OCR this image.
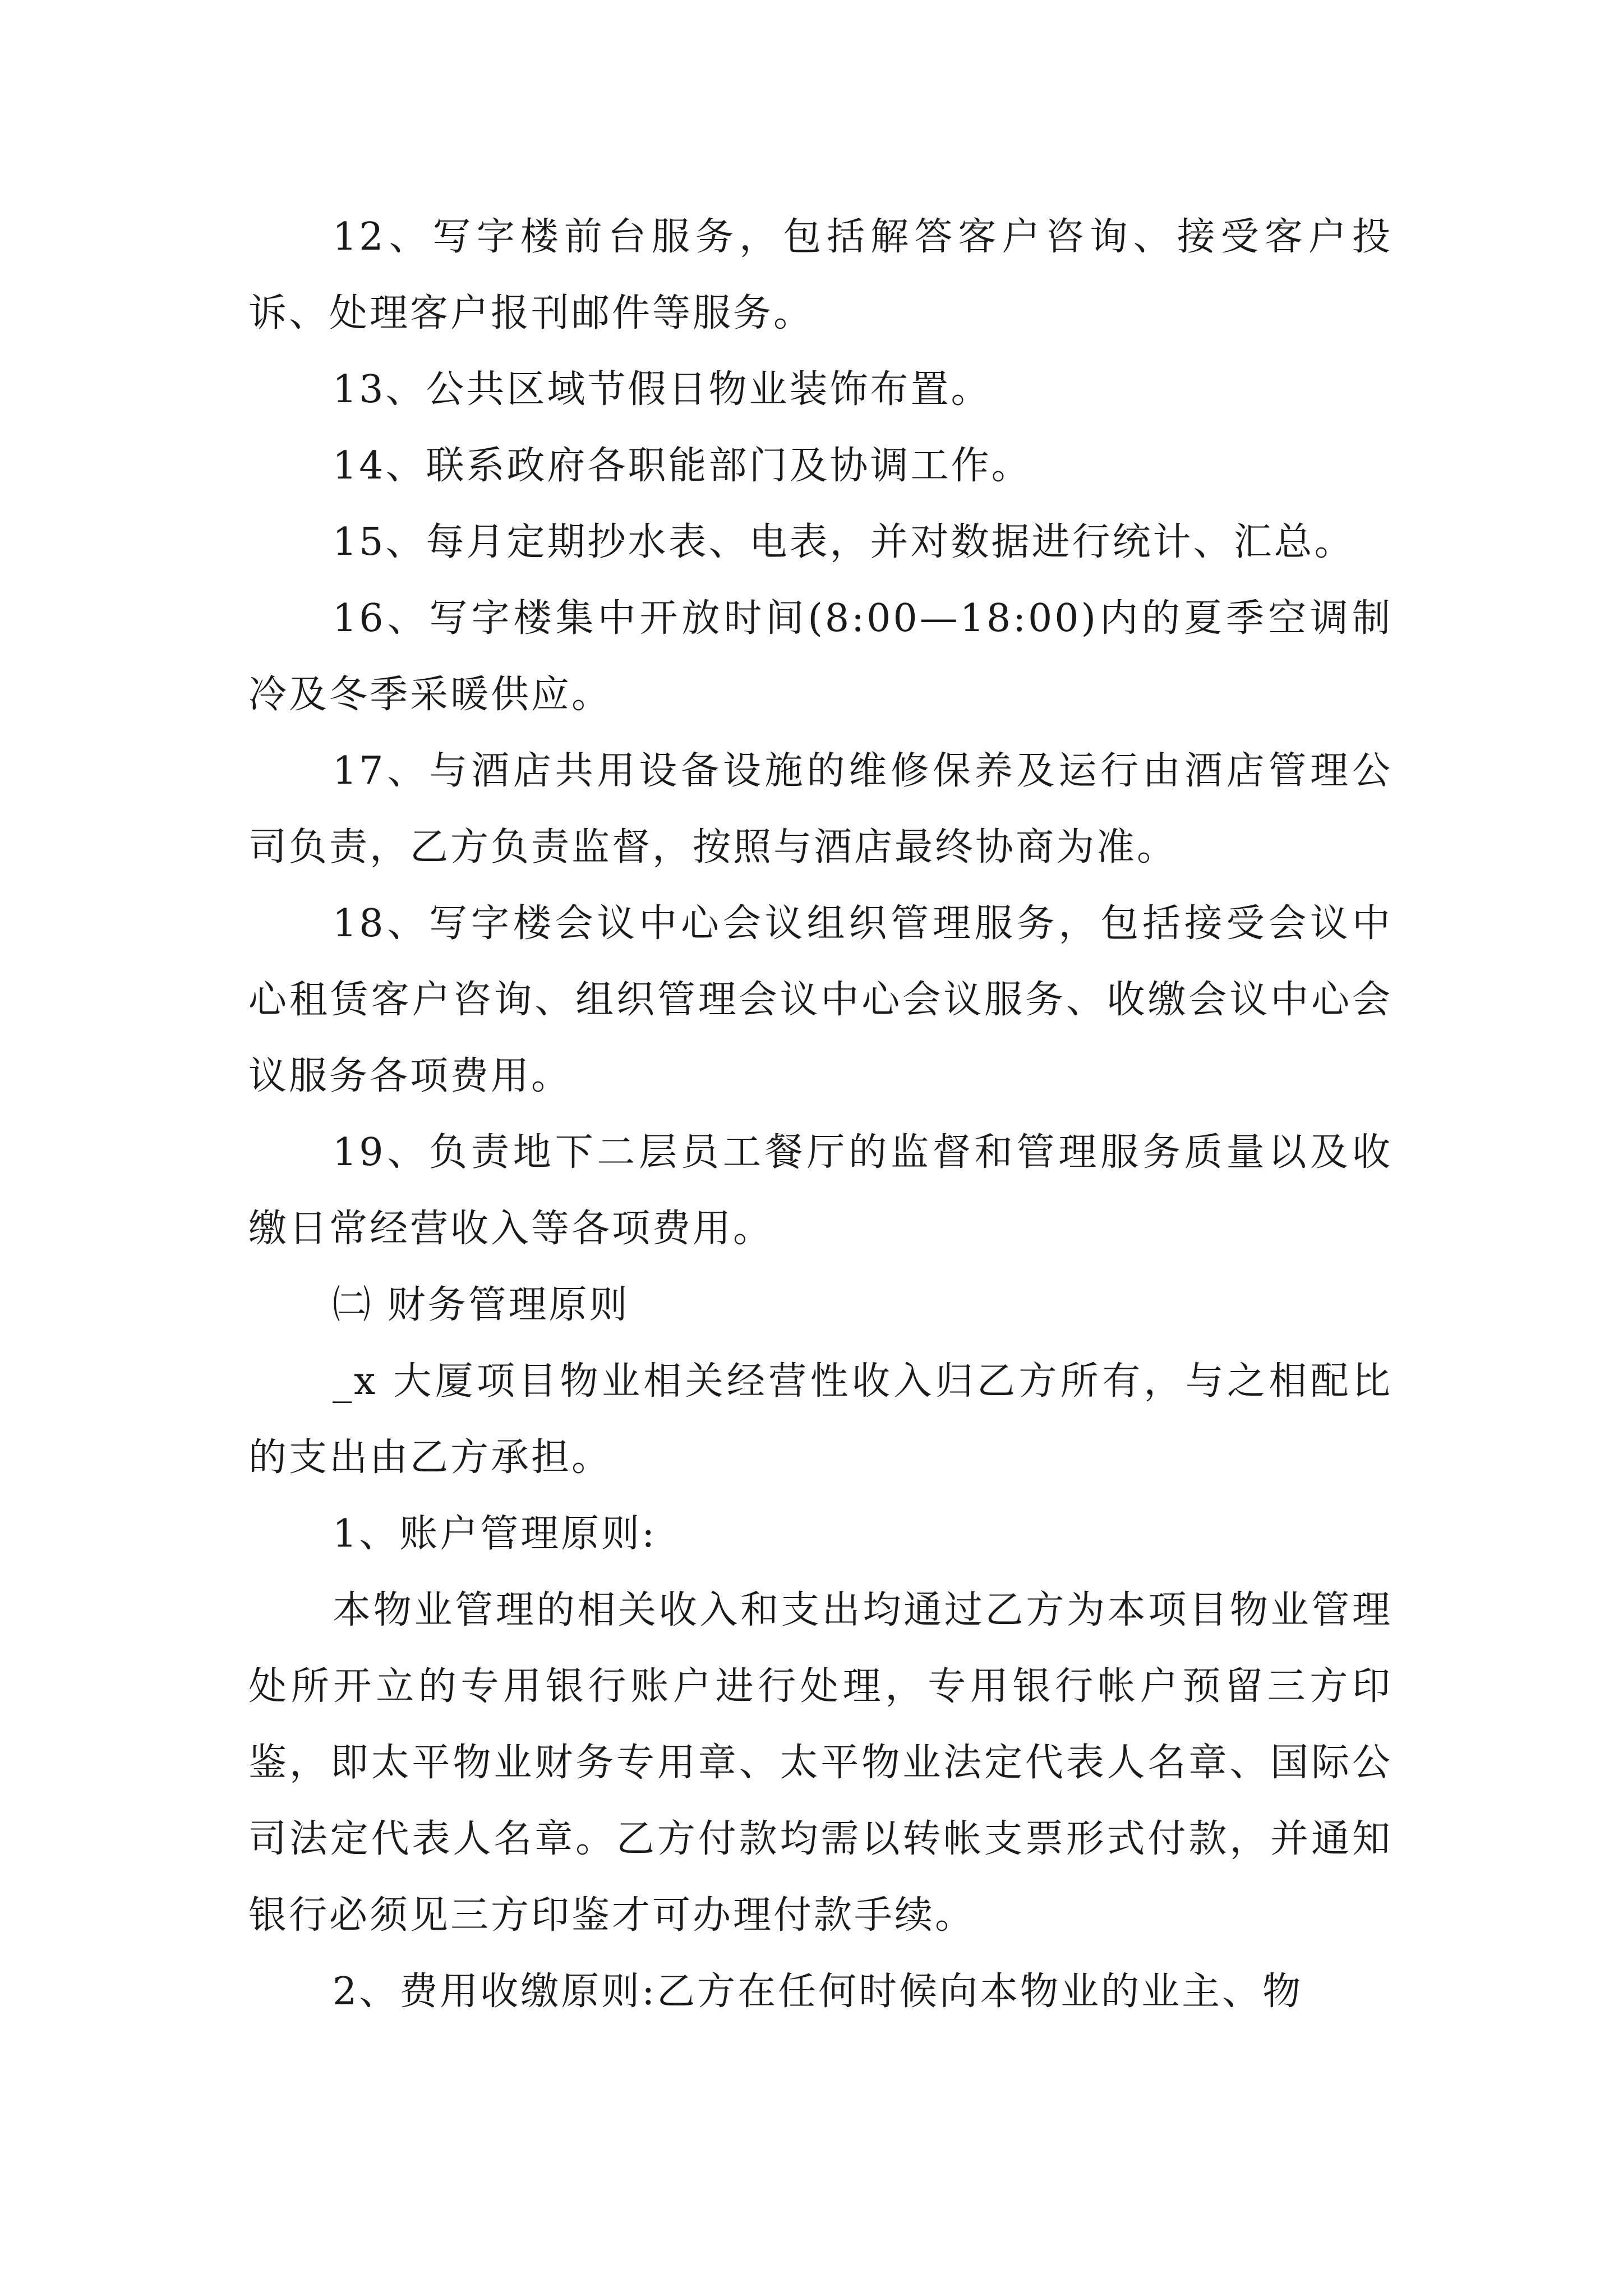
12、写字楼前台服务，包括解答客户咨询、接受客户投诉、处理客户报刊邮件等服务。

13、公共区域节假日物业装饰布置。

14、联系政府各职能部门及协调工作。

15、每月定期抄水表、电表，并对数据进行统计、汇总。

16、写字楼集中开放时间(8:00—18:00)内的夏季空调制冷及冬季采暖供应。

17、与酒店共用设备设施的维修保养及运行由酒店管理公司负责，乙方负责监督，按照与酒店最终协商为准。

18、写字楼会议中心会议组织管理服务，包括接受会议中心租赁客户咨询、组织管理会议中心会议服务、收缴会议中心会议服务各项费用。

19、负责地下二层员工餐厅的监督和管理服务质量以及收缴日常经营收入等各项费用。

㈡ 财务管理原则

_x 大厦项目物业相关经营性收入归乙方所有，与之相配比的支出由乙方承担。

1、账户管理原则:

本物业管理的相关收入和支出均通过乙方为本项目物业管理处所开立的专用银行账户进行处理，专用银行帐户预留三方印鉴，即太平物业财务专用章、太平物业法定代表人名章、国际公司法定代表人名章。乙方付款均需以转帐支票形式付款，并通知银行必须见三方印鉴才可办理付款手续。

2、费用收缴原则:乙方在任何时候向本物业的业主、物
